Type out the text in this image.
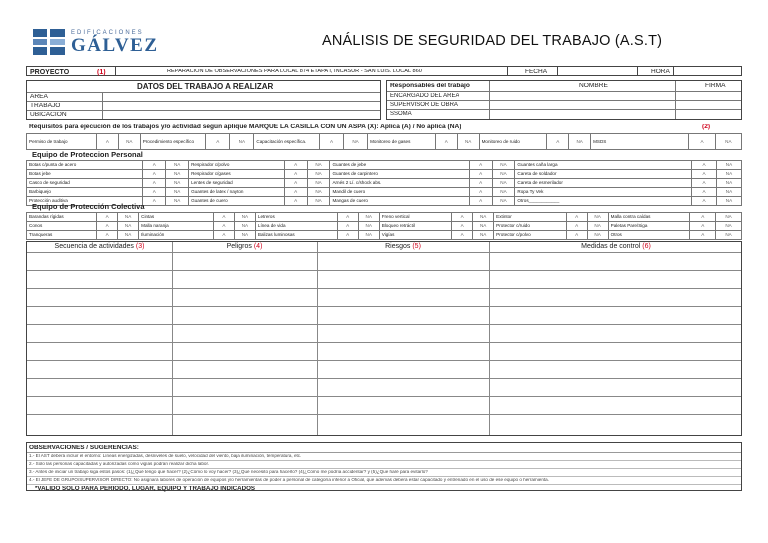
EDIFICACIONES
GÁLVEZ	ANÁLISIS DE SEGURIDAD DEL TRABAJO (A.S.T)
PROYECTO	(1)	REPARACIÓN DE OBSERVACIONES PARA LOCAL 874 ETAPA I, INCASUR - SAN LUIS. LOCAL 860	FECHA	HORA
DATOS DEL TRABAJO A REALIZAR
AREA
TRABAJO
UBICACIÓN
Responsables del trabajo	NOMBRE	FIRMA
ENCARGADO DEL AREA
SUPERVISOR DE OBRA
SSOMA
Requisitos para ejecución de los trabajos y/o actividad según aplique MARQUE LA CASILLA CON UN ASPA (X): Aplica (A) / No aplica (NA)	(2)
Permiso de trabajo	A	NA	Procedimiento específico	A	NA	Capacitación específica.	A	NA	Monitoreo de gases	A	NA	Monitoreo de ruido	A	NA	MSDS	A	NA
Equipo de Proteccion Personal
Botas c/punta de acero	A	NA	Respirador c/polvo	A	NA	Guantes de jebe	A	NA	Guantes caña larga	A	NA
Botas jebe	A	NA	Respirador c/gases	A	NA	Guantes de carpintero	A	NA	Careta de soldador	A	NA
Casco de seguridad	A	NA	Lentes de seguridad	A	NA	Arnés 2 Lí. c/shock abs.	A	NA	Careta de esmerilador	A	NA
Barbiquejo	A	NA	Guantes de latex / nayton	A	NA	Mandil de cuero	A	NA	Ropa Ty Vek	A	NA
Protección auditiva	A	NA	Guantes de cuero	A	NA	Mangas de cuero	A	NA	Otros____________	A	NA
Equipo de Protección Colectiva
Barandas rígidas	A	NA	Cintas	A	NA	Letreros	A	NA	Freno vertical	A	NA	Extintor	A	NA	Malla contra caídas	A	NA
Conos	A	NA	Malla naranja	A	NA	Línea de vida	A	NA	Bloqueo retráctil	A	NA	Protector c/ruido	A	NA	Paletas Pare/Siga	A	NA
Tranqueras	A	NA	Iluminación	A	NA	Balizas luminosas	A	NA	Vigías	A	NA	Protector c/polvo	A	NA	Otros	A	NA
Secuencia de actividades (3)	Peligros (4)	Riesgos (5)	Medidas de control (6)
OBSERVACIONES / SUGERENCIAS:
1.- El AST deberá incluir el entorno: Líneas energizadas, desniveles de suelo, velocidad del viento, baja iluminación, temperatura, etc.
2.- Solo las personas capacitadas y autorizadas como vigías podrán realizar dicha labor.
3.- Antes de iniciar un trabajo siga estos pasos: (1)¿Qué tengo que hacer? (2)¿Cómo lo voy hacer? (3)¿Qué necesito para hacerlo? (4)¿Cómo me podría accidentar? y (5)¿Que haré para evitarlo?
4.- El JEFE DE GRUPO/SUPERVISOR DIRECTO: No asignará labores de operación de equipos y/o herramientas de poder a personal de categoría inferior a Oficial, que además deberá estar capacitado y entrenado en el uso de ese equipo o herramienta.
*VALIDO SOLO PARA PERIODO, LUGAR, EQUIPO Y TRABAJO INDICADOS
